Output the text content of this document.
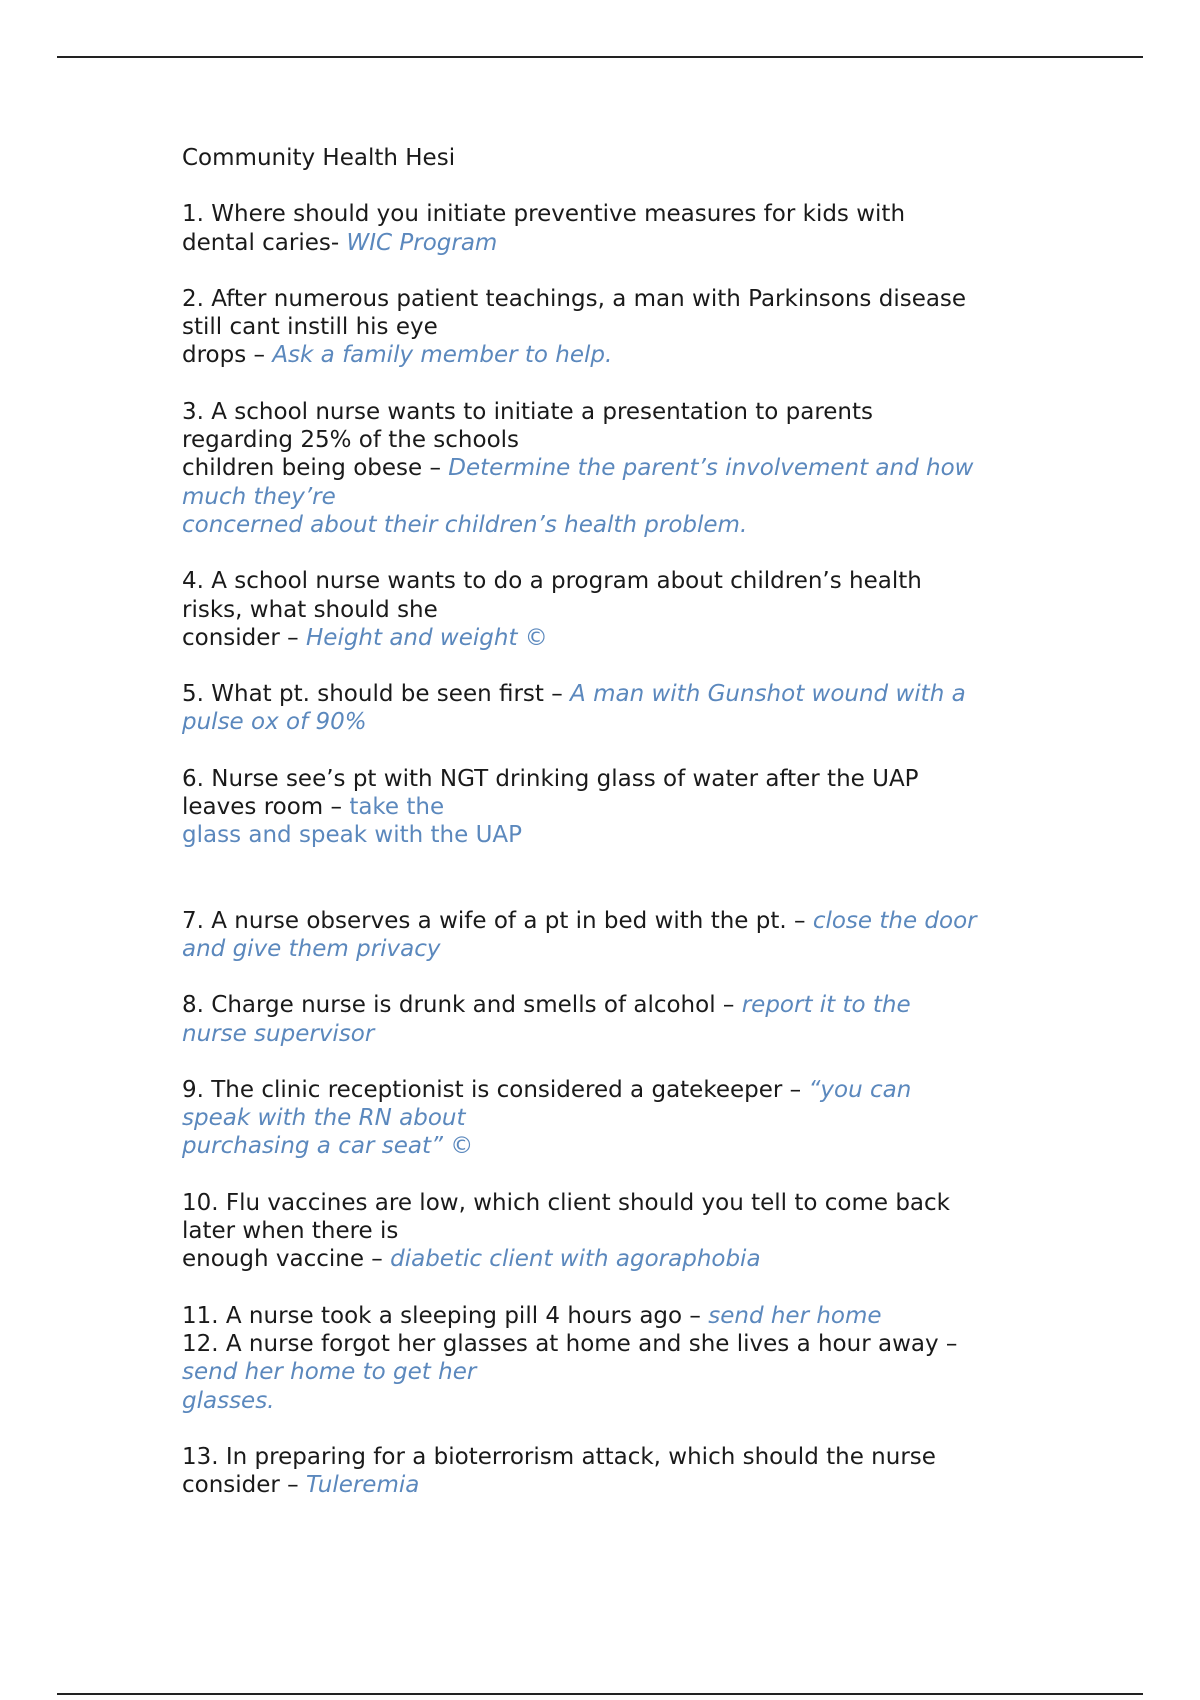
Community Health Hesi
1. Where should you initiate preventive measures for kids with
dental caries- WIC Program
2. After numerous patient teachings, a man with Parkinsons disease
still cant instill his eye
drops – Ask a family member to help.
3. A school nurse wants to initiate a presentation to parents
regarding 25% of the schools
children being obese – Determine the parent’s involvement and how
much they’re
concerned about their children’s health problem.
4. A school nurse wants to do a program about children’s health
risks, what should she
consider – Height and weight ©
5. What pt. should be seen first – A man with Gunshot wound with a
pulse ox of 90%
6. Nurse see’s pt with NGT drinking glass of water after the UAP
leaves room – take the
glass and speak with the UAP
7. A nurse observes a wife of a pt in bed with the pt. – close the door
and give them privacy
8. Charge nurse is drunk and smells of alcohol – report it to the
nurse supervisor
9. The clinic receptionist is considered a gatekeeper – “you can
speak with the RN about
purchasing a car seat” ©
10. Flu vaccines are low, which client should you tell to come back
later when there is
enough vaccine – diabetic client with agoraphobia
11. A nurse took a sleeping pill 4 hours ago – send her home
12. A nurse forgot her glasses at home and she lives a hour away –
send her home to get her
glasses.
13. In preparing for a bioterrorism attack, which should the nurse
consider – Tuleremia
